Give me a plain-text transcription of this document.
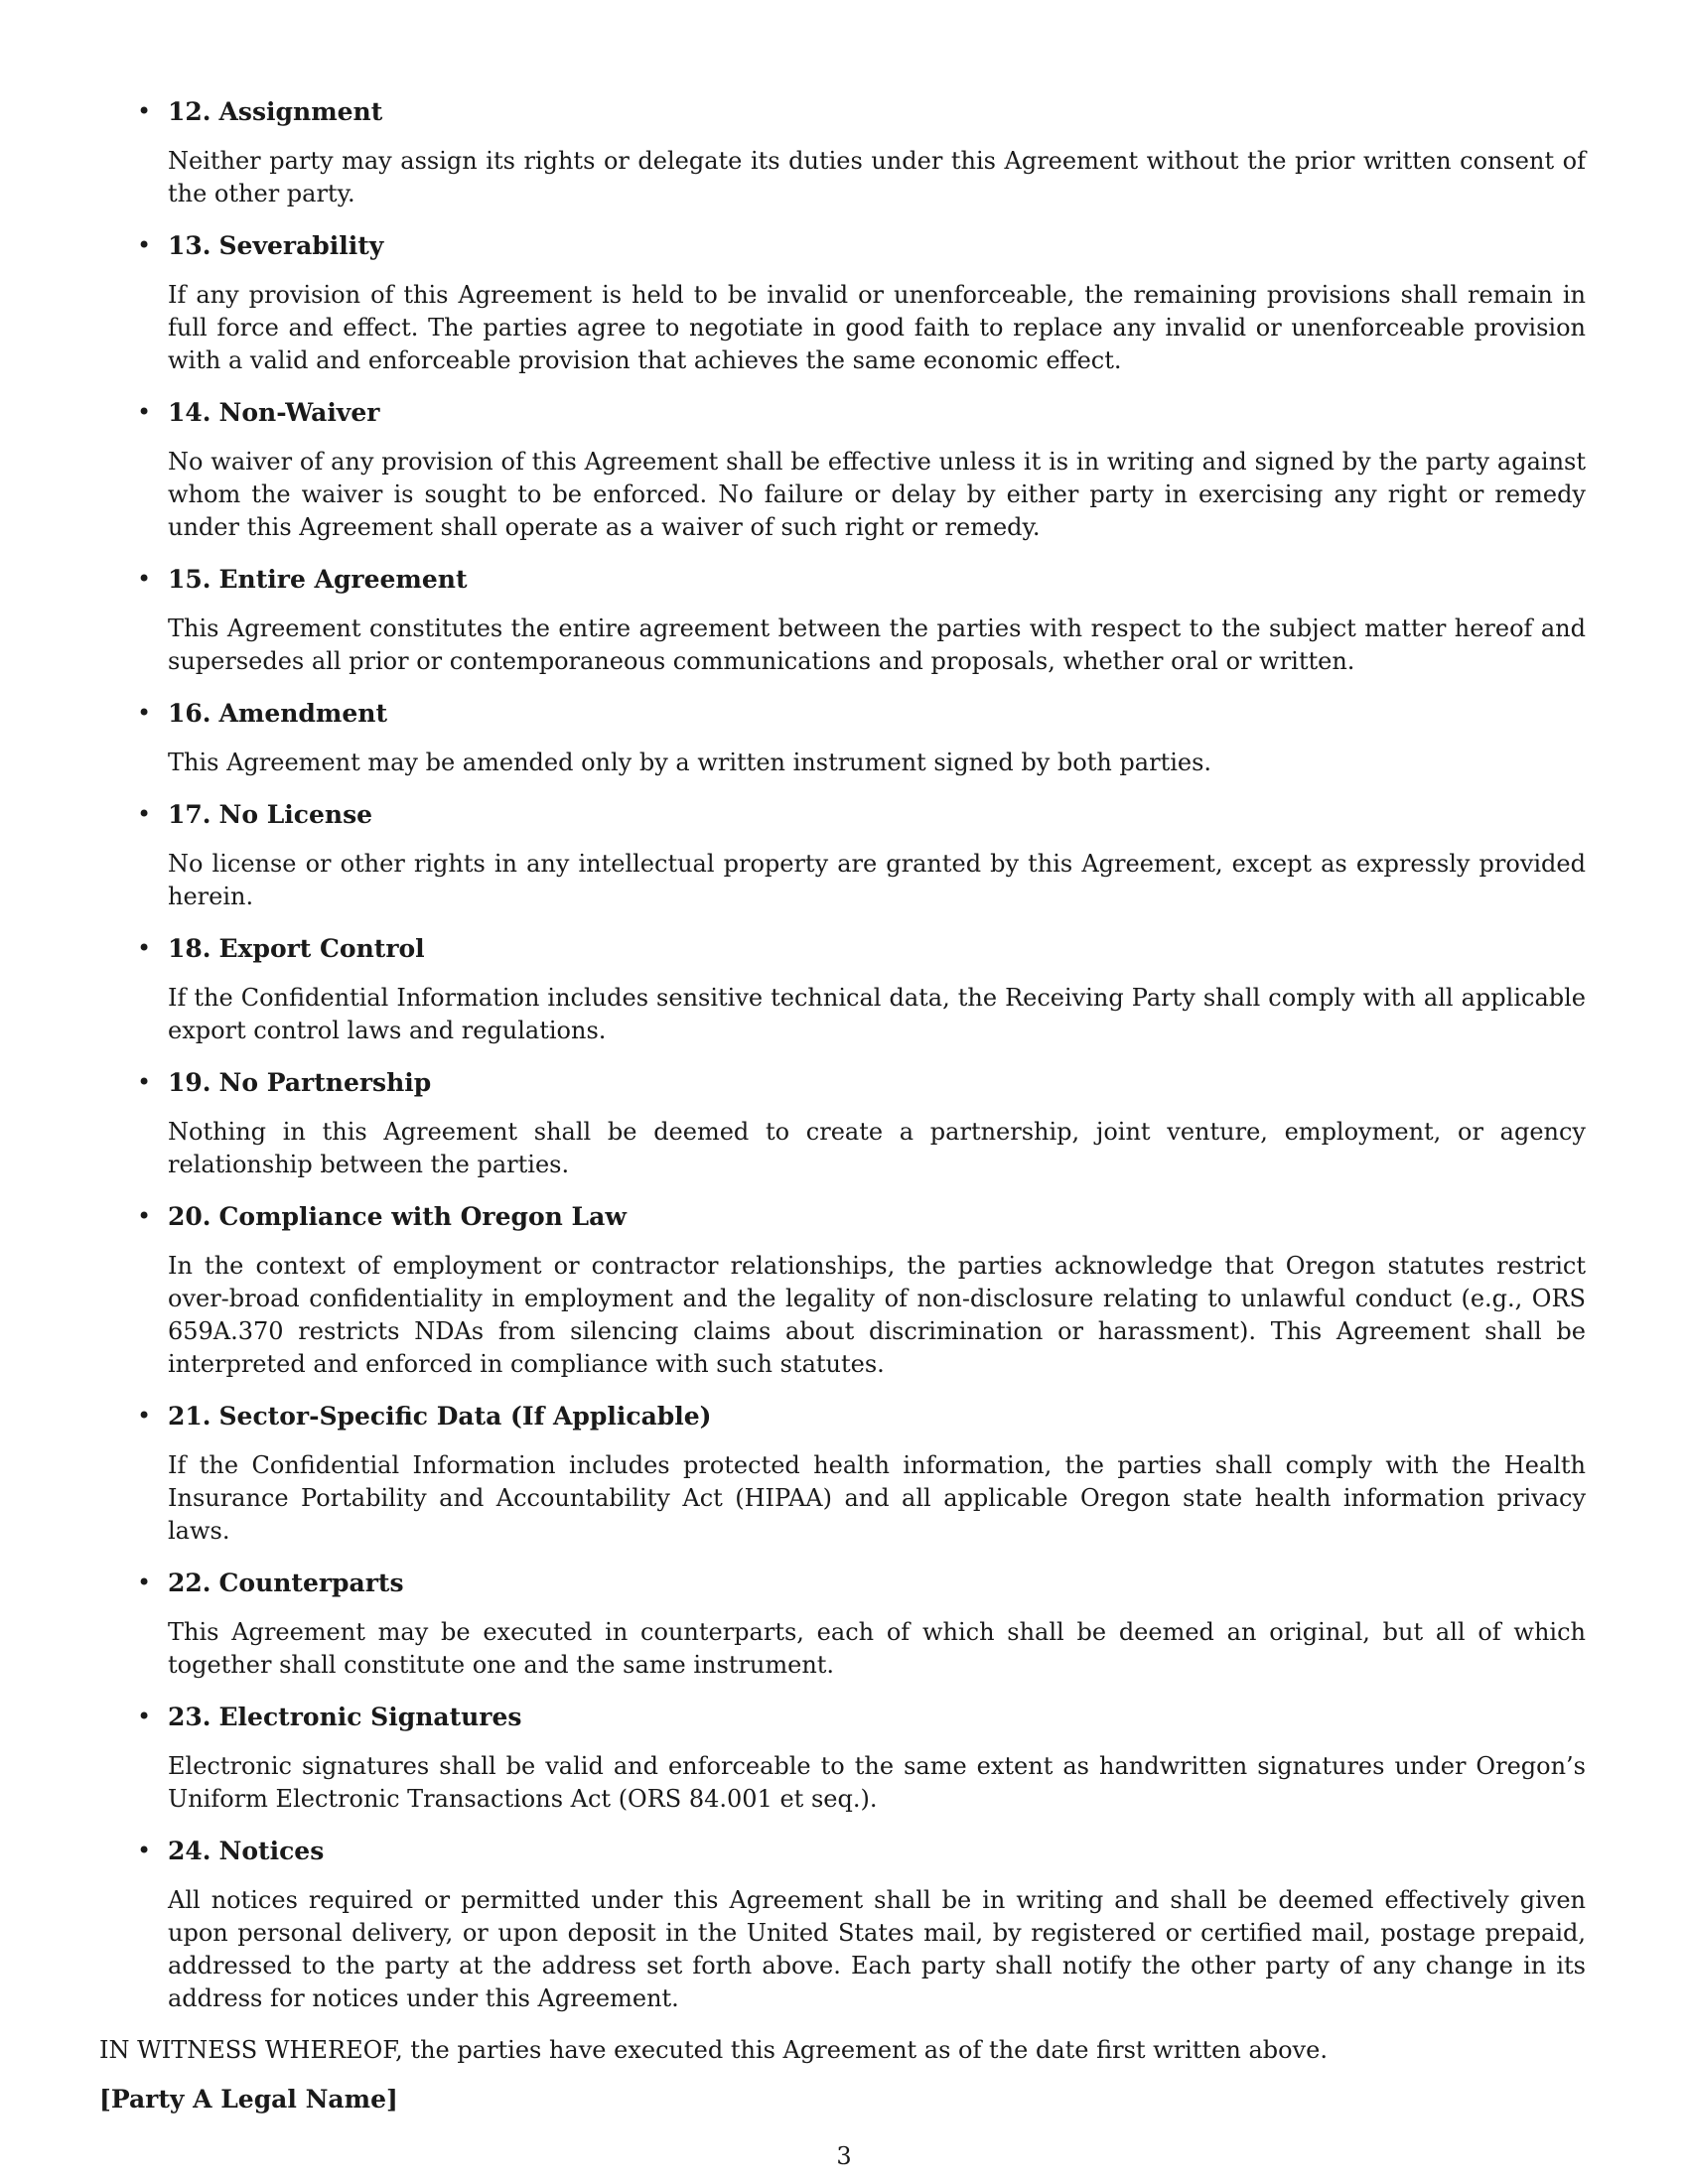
• 12. Assignment

Neither party may assign its rights or delegate its duties under this Agreement without the prior written consent of the other party.

• 13. Severability

If any provision of this Agreement is held to be invalid or unenforceable, the remaining provisions shall remain in full force and effect. The parties agree to negotiate in good faith to replace any invalid or unenforceable provision with a valid and enforceable provision that achieves the same economic effect.

• 14. Non-Waiver

No waiver of any provision of this Agreement shall be effective unless it is in writing and signed by the party against whom the waiver is sought to be enforced. No failure or delay by either party in exercising any right or remedy under this Agreement shall operate as a waiver of such right or remedy.

• 15. Entire Agreement

This Agreement constitutes the entire agreement between the parties with respect to the subject matter hereof and supersedes all prior or contemporaneous communications and proposals, whether oral or written.

• 16. Amendment

This Agreement may be amended only by a written instrument signed by both parties.

• 17. No License

No license or other rights in any intellectual property are granted by this Agreement, except as expressly provided herein.

• 18. Export Control

If the Confidential Information includes sensitive technical data, the Receiving Party shall comply with all applicable export control laws and regulations.

• 19. No Partnership

Nothing in this Agreement shall be deemed to create a partnership, joint venture, employment, or agency relationship between the parties.

• 20. Compliance with Oregon Law

In the context of employment or contractor relationships, the parties acknowledge that Oregon statutes restrict over-broad confidentiality in employment and the legality of non-disclosure relating to unlawful conduct (e.g., ORS 659A.370 restricts NDAs from silencing claims about discrimination or harassment). This Agreement shall be interpreted and enforced in compliance with such statutes.

• 21. Sector-Specific Data (If Applicable)

If the Confidential Information includes protected health information, the parties shall comply with the Health Insurance Portability and Accountability Act (HIPAA) and all applicable Oregon state health information privacy laws.

• 22. Counterparts

This Agreement may be executed in counterparts, each of which shall be deemed an original, but all of which together shall constitute one and the same instrument.

• 23. Electronic Signatures

Electronic signatures shall be valid and enforceable to the same extent as handwritten signatures under Oregon’s Uniform Electronic Transactions Act (ORS 84.001 et seq.).

• 24. Notices

All notices required or permitted under this Agreement shall be in writing and shall be deemed effectively given upon personal delivery, or upon deposit in the United States mail, by registered or certified mail, postage prepaid, addressed to the party at the address set forth above. Each party shall notify the other party of any change in its address for notices under this Agreement.

IN WITNESS WHEREOF, the parties have executed this Agreement as of the date first written above.

[Party A Legal Name]

3
